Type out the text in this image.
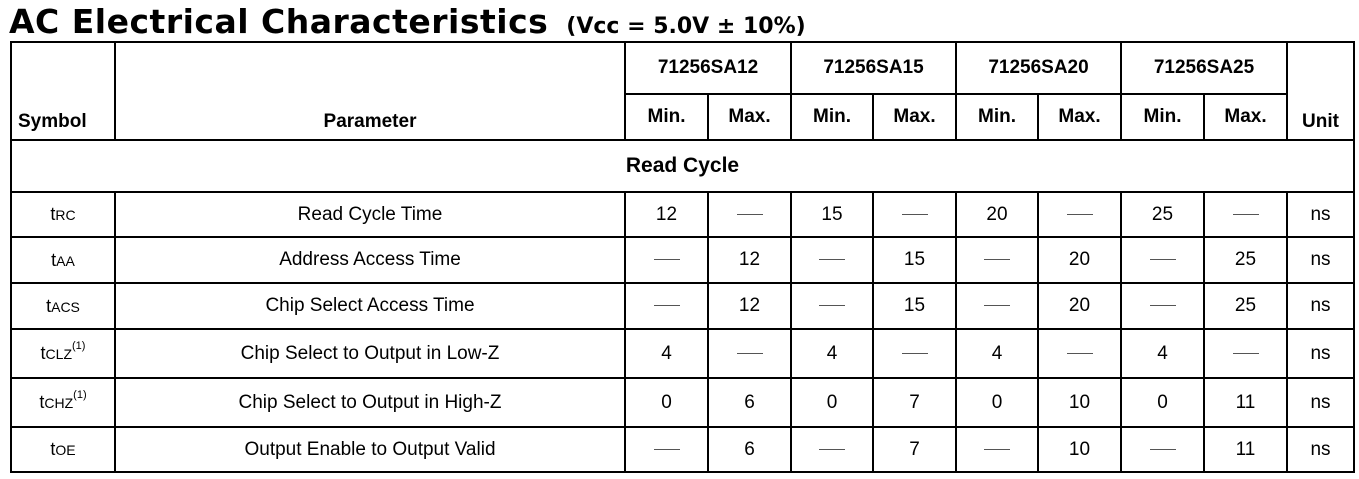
AC Electrical Characteristics (Vcc = 5.0V ± 10%)
Symbol	Parameter	71256SA12		71256SA15		71256SA20		71256SA25		Unit
		Min.	Max.	Min.	Max.	Min.	Max.	Min.	Max.	
Read Cycle										
tRC	Read Cycle Time	12		15		20		25		ns
tAA	Address Access Time		12		15		20		25	ns
tACS	Chip Select Access Time		12		15		20		25	ns
tCLZ$^{(1)}$	Chip Select to Output in Low-Z	4		4		4		4		ns
tCHZ$^{(1)}$	Chip Select to Output in High-Z	0	6	0	7	0	10	0	11	ns
tOE	Output Enable to Output Valid		6		7		10		11	ns
